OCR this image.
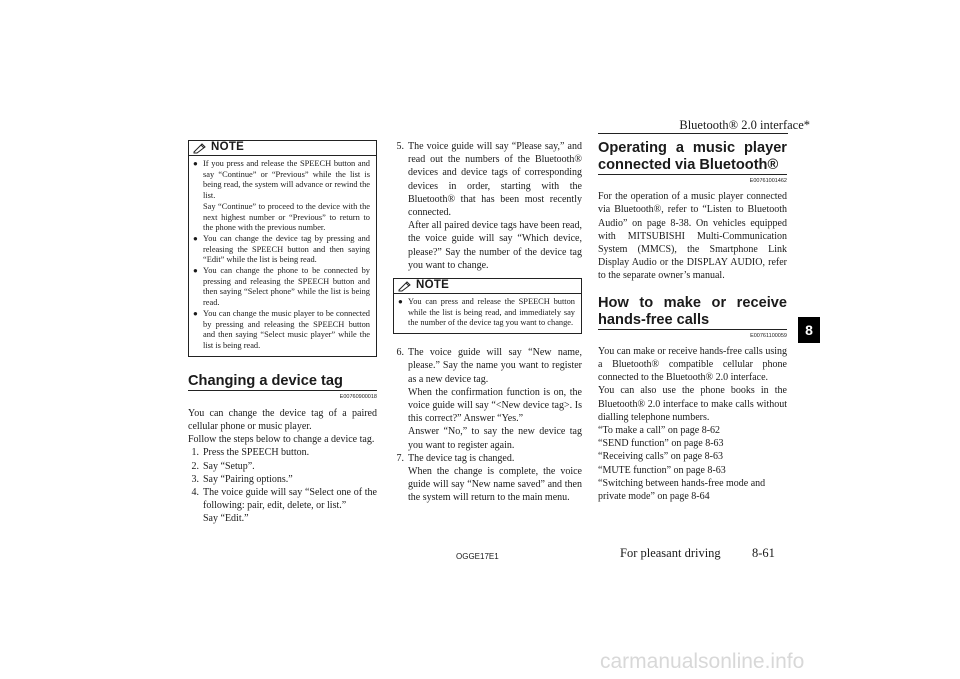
Bluetooth® 2.0 interface*
8
NOTE
● If you press and release the SPEECH button and say “Continue” or “Previous” while the list is being read, the system will advance or rewind the list.
Say “Continue” to proceed to the device with the next highest number or “Previous” to return to the phone with the previous number.
● You can change the device tag by pressing and releasing the SPEECH button and then saying “Edit” while the list is being read.
● You can change the phone to be connected by pressing and releasing the SPEECH button and then saying “Select phone” while the list is being read.
● You can change the music player to be connected by pressing and releasing the SPEECH button and then saying “Select music player” while the list is being read.
Changing a device tag
E00760900018

You can change the device tag of a paired cellular phone or music player.

Follow the steps below to change a device tag.

1. Press the SPEECH button.
2. Say “Setup”.
3. Say “Pairing options.”
4. The voice guide will say “Select one of the following: pair, edit, delete, or list.”
Say “Edit.”
5. The voice guide will say “Please say,” and read out the numbers of the Bluetooth® devices and device tags of corresponding devices in order, starting with the Bluetooth® that has been most recently connected.
After all paired device tags have been read, the voice guide will say “Which device, please?” Say the number of the device tag you want to change.
NOTE
● You can press and release the SPEECH button while the list is being read, and immediately say the number of the device tag you want to change.
6. The voice guide will say “New name, please.” Say the name you want to register as a new device tag.
When the confirmation function is on, the voice guide will say “<New device tag>. Is this correct?” Answer “Yes.”
Answer “No,” to say the new device tag you want to register again.
7. The device tag is changed.
When the change is complete, the voice guide will say “New name saved” and then the system will return to the main menu.
Operating a music player connected via Bluetooth®
E00761001462

For the operation of a music player connected via Bluetooth®, refer to “Listen to Bluetooth Audio” on page 8-38. On vehicles equipped with MITSUBISHI Multi-Communication System (MMCS), the Smartphone Link Display Audio or the DISPLAY AUDIO, refer to the separate owner’s manual.

How to make or receive hands-free calls
E00761100059

You can make or receive hands-free calls using a Bluetooth® compatible cellular phone connected to the Bluetooth® 2.0 interface.

You can also use the phone books in the Bluetooth® 2.0 interface to make calls without dialling telephone numbers.

“To make a call” on page 8-62
“SEND function” on page 8-63
“Receiving calls” on page 8-63
“MUTE function” on page 8-63
“Switching between hands-free mode and private mode” on page 8-64
OGGE17E1	For pleasant driving	8-61
carmanualsonline.info
